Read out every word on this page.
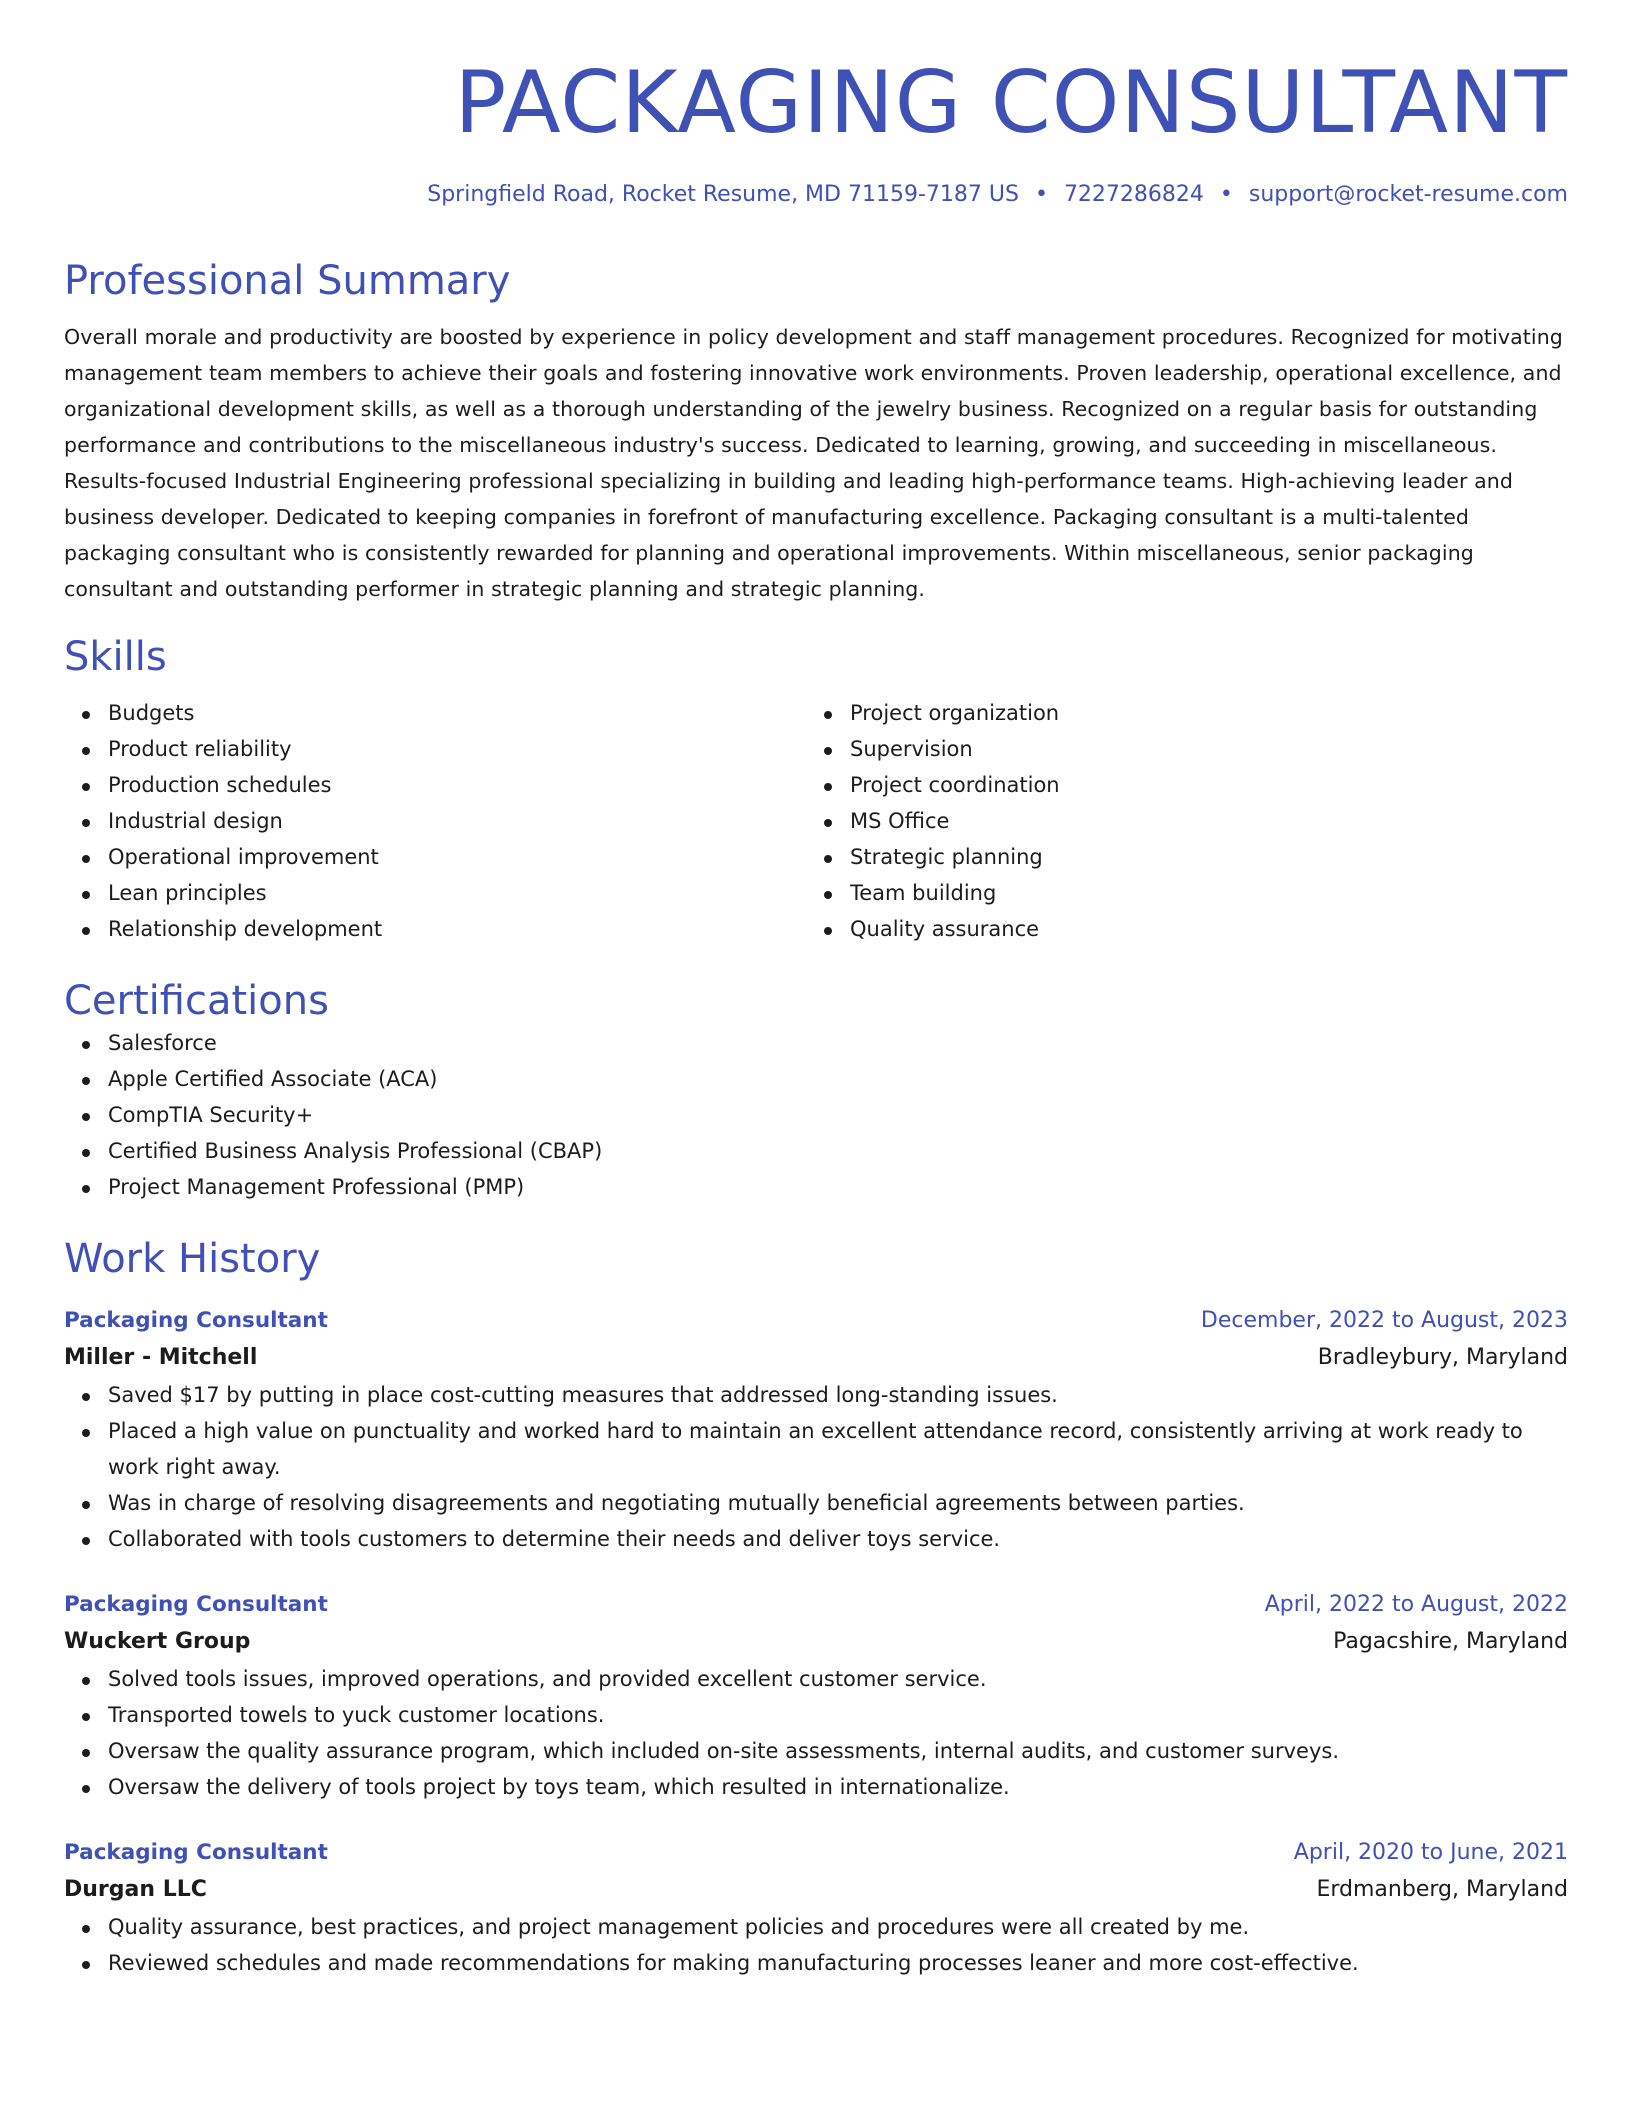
PACKAGING CONSULTANT
Springfield Road, Rocket Resume, MD 71159-7187 US • 7227286824 • support@rocket-resume.com
Professional Summary
Overall morale and productivity are boosted by experience in policy development and staff management procedures. Recognized for motivating management team members to achieve their goals and fostering innovative work environments. Proven leadership, operational excellence, and organizational development skills, as well as a thorough understanding of the jewelry business. Recognized on a regular basis for outstanding performance and contributions to the miscellaneous industry's success. Dedicated to learning, growing, and succeeding in miscellaneous. Results-focused Industrial Engineering professional specializing in building and leading high-performance teams. High-achieving leader and business developer. Dedicated to keeping companies in forefront of manufacturing excellence. Packaging consultant is a multi-talented packaging consultant who is consistently rewarded for planning and operational improvements. Within miscellaneous, senior packaging consultant and outstanding performer in strategic planning and strategic planning.
Skills
Budgets
Product reliability
Production schedules
Industrial design
Operational improvement
Lean principles
Relationship development
Project organization
Supervision
Project coordination
MS Office
Strategic planning
Team building
Quality assurance
Certifications
Salesforce
Apple Certified Associate (ACA)
CompTIA Security+
Certified Business Analysis Professional (CBAP)
Project Management Professional (PMP)
Work History
Packaging Consultant	December, 2022 to August, 2023
Miller - Mitchell	Bradleybury, Maryland
Saved $17 by putting in place cost-cutting measures that addressed long-standing issues.
Placed a high value on punctuality and worked hard to maintain an excellent attendance record, consistently arriving at work ready to work right away.
Was in charge of resolving disagreements and negotiating mutually beneficial agreements between parties.
Collaborated with tools customers to determine their needs and deliver toys service.
Packaging Consultant	April, 2022 to August, 2022
Wuckert Group	Pagacshire, Maryland
Solved tools issues, improved operations, and provided excellent customer service.
Transported towels to yuck customer locations.
Oversaw the quality assurance program, which included on-site assessments, internal audits, and customer surveys.
Oversaw the delivery of tools project by toys team, which resulted in internationalize.
Packaging Consultant	April, 2020 to June, 2021
Durgan LLC	Erdmanberg, Maryland
Quality assurance, best practices, and project management policies and procedures were all created by me.
Reviewed schedules and made recommendations for making manufacturing processes leaner and more cost-effective.
